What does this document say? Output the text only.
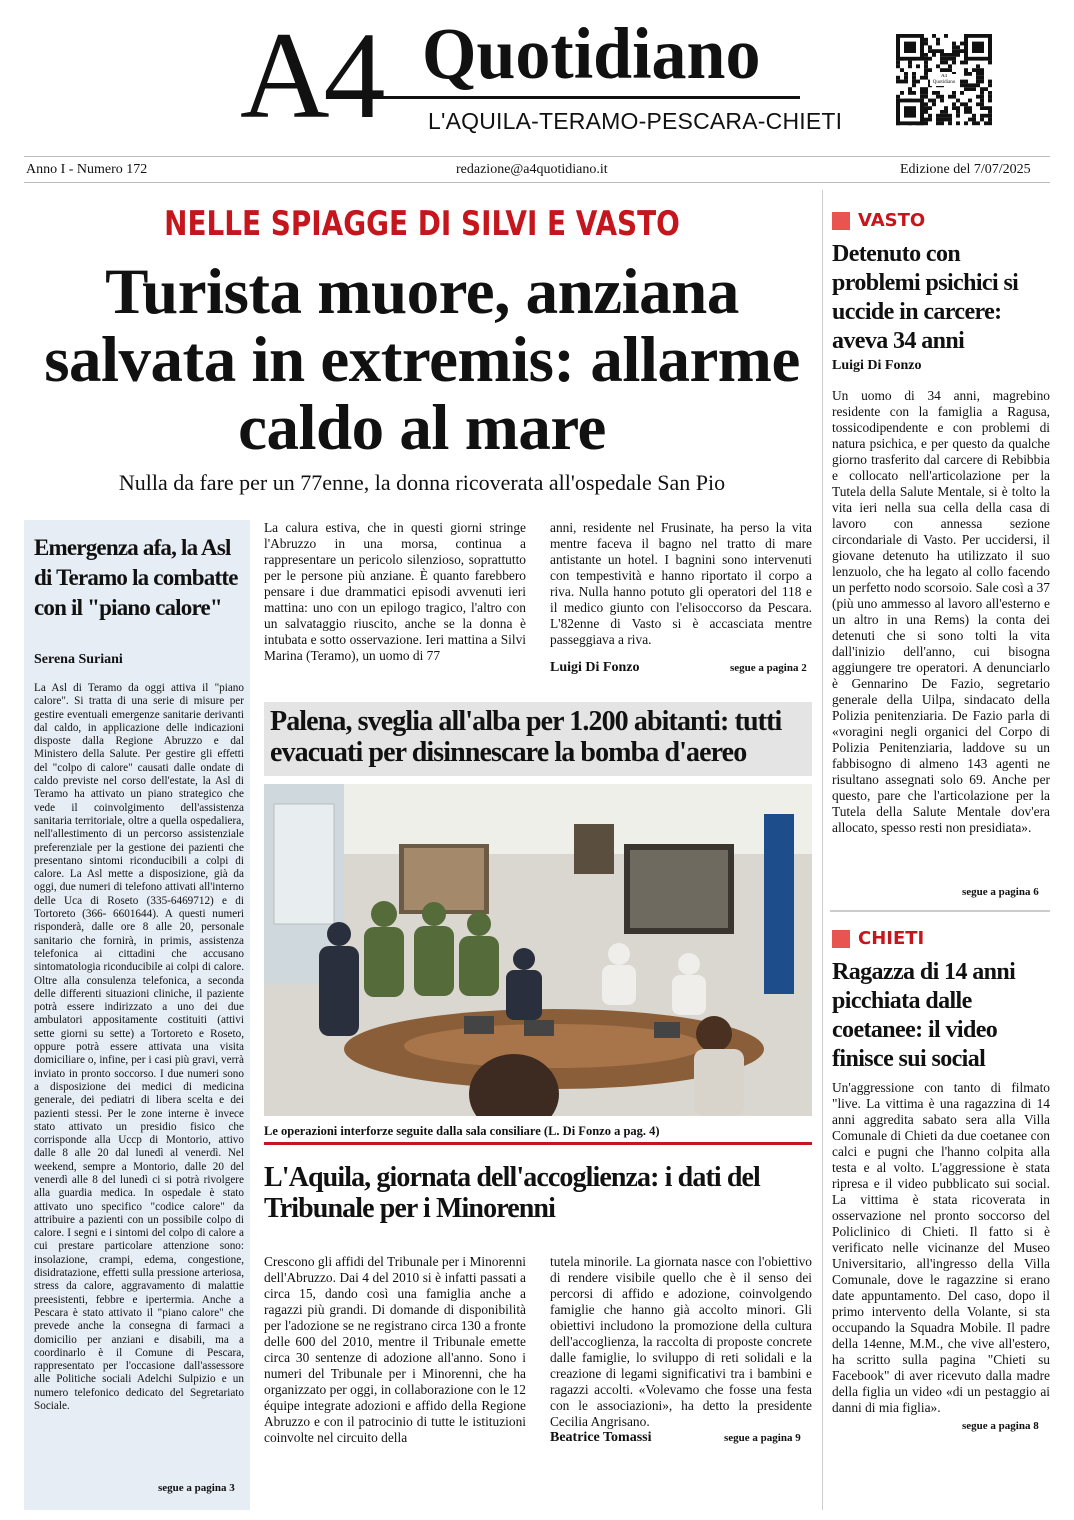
A4 Quotidiano
L'AQUILA-TERAMO-PESCARA-CHIETI
A4 Quotidiano
Anno I - Numero 172	redazione@a4quotidiano.it	Edizione del 7/07/2025
NELLE SPIAGGE DI SILVI E VASTO
Turista muore, anziana salvata in extremis: allarme caldo al mare
Nulla da fare per un 77enne, la donna ricoverata all'ospedale San Pio
La calura estiva, che in questi giorni stringe l'Abruzzo in una morsa, continua a rappresentare un pericolo silenzioso, soprattutto per le persone più anziane. È quanto farebbero pensare i due drammatici episodi avvenuti ieri mattina: uno con un epilogo tragico, l'altro con un salvataggio riuscito, anche se la donna è intubata e sotto osservazione. Ieri mattina a Silvi Marina (Teramo), un uomo di 77
anni, residente nel Frusinate, ha perso la vita mentre faceva il bagno nel tratto di mare antistante un hotel. I bagnini sono intervenuti con tempestività e hanno riportato il corpo a riva. Nulla hanno potuto gli operatori del 118 e il medico giunto con l'elisoccorso da Pescara. L'82enne di Vasto si è accasciata mentre passeggiava a riva.
Luigi Di Fonzo	segue a pagina 2
Emergenza afa, la Asl di Teramo la combatte con il "piano calore"
Serena Suriani
La Asl di Teramo da oggi attiva il "piano calore". Si tratta di una serie di misure per gestire eventuali emergenze sanitarie derivanti dal caldo, in applicazione delle indicazioni disposte dalla Regione Abruzzo e dal Ministero della Salute. Per gestire gli effetti del "colpo di calore" causati dalle ondate di caldo previste nel corso dell'estate, la Asl di Teramo ha attivato un piano strategico che vede il coinvolgimento dell'assistenza sanitaria territoriale, oltre a quella ospedaliera, nell'allestimento di un percorso assistenziale preferenziale per la gestione dei pazienti che presentano sintomi riconducibili a colpi di calore. La Asl mette a disposizione, già da oggi, due numeri di telefono attivati all'interno delle Uca di Roseto (335-6469712) e di Tortoreto (366- 6601644). A questi numeri risponderà, dalle ore 8 alle 20, personale sanitario che fornirà, in primis, assistenza telefonica ai cittadini che accusano sintomatologia riconducibile ai colpi di calore. Oltre alla consulenza telefonica, a seconda delle differenti situazioni cliniche, il paziente potrà essere indirizzato a uno dei due ambulatori appositamente costituiti (attivi sette giorni su sette) a Tortoreto e Roseto, oppure potrà essere attivata una visita domiciliare o, infine, per i casi più gravi, verrà inviato in pronto soccorso. I due numeri sono a disposizione dei medici di medicina generale, dei pediatri di libera scelta e dei pazienti stessi. Per le zone interne è invece stato attivato un presidio fisico che corrisponde alla Uccp di Montorio, attivo dalle 8 alle 20 dal lunedì al venerdì. Nel weekend, sempre a Montorio, dalle 20 del venerdì alle 8 del lunedì ci si potrà rivolgere alla guardia medica. In ospedale è stato attivato uno specifico "codice calore" da attribuire a pazienti con un possibile colpo di calore. I segni e i sintomi del colpo di calore a cui prestare particolare attenzione sono: insolazione, crampi, edema, congestione, disidratazione, effetti sulla pressione arteriosa, stress da calore, aggravamento di malattie preesistenti, febbre e ipertermia. Anche a Pescara è stato attivato il "piano calore" che prevede anche la consegna di farmaci a domicilio per anziani e disabili, ma a coordinarlo è il Comune di Pescara, rappresentato per l'occasione dall'assessore alle Politiche sociali Adelchi Sulpizio e un numero telefonico dedicato del Segretariato Sociale.
segue a pagina 3
Palena, sveglia all'alba per 1.200 abitanti: tutti evacuati per disinnescare la bomba d'aereo
Le operazioni interforze seguite dalla sala consiliare (L. Di Fonzo a pag. 4)
L'Aquila, giornata dell'accoglienza: i dati del Tribunale per i Minorenni
Crescono gli affidi del Tribunale per i Minorenni dell'Abruzzo. Dai 4 del 2010 si è infatti passati a circa 15, dando così una famiglia anche a ragazzi più grandi. Di domande di disponibilità per l'adozione se ne registrano circa 130 a fronte delle 600 del 2010, mentre il Tribunale emette circa 30 sentenze di adozione all'anno. Sono i numeri del Tribunale per i Minorenni, che ha organizzato per oggi, in collaborazione con le 12 équipe integrate adozioni e affido della Regione Abruzzo e con il patrocinio di tutte le istituzioni coinvolte nel circuito della
tutela minorile. La giornata nasce con l'obiettivo di rendere visibile quello che è il senso dei percorsi di affido e adozione, coinvolgendo famiglie che hanno già accolto minori. Gli obiettivi includono la promozione della cultura dell'accoglienza, la raccolta di proposte concrete dalle famiglie, lo sviluppo di reti solidali e la creazione di legami significativi tra i bambini e ragazzi accolti. «Volevamo che fosse una festa con le associazioni», ha detto la presidente Cecilia Angrisano.
Beatrice Tomassi	segue a pagina 9
VASTO
Detenuto con problemi psichici si uccide in carcere: aveva 34 anni
Luigi Di Fonzo
Un uomo di 34 anni, magrebino residente con la famiglia a Ragusa, tossicodipendente e con problemi di natura psichica, e per questo da qualche giorno trasferito dal carcere di Rebibbia e collocato nell'articolazione per la Tutela della Salute Mentale, si è tolto la vita ieri nella sua cella della casa di lavoro con annessa sezione circondariale di Vasto. Per uccidersi, il giovane detenuto ha utilizzato il suo lenzuolo, che ha legato al collo facendo un perfetto nodo scorsoio. Sale così a 37 (più uno ammesso al lavoro all'esterno e un altro in una Rems) la conta dei detenuti che si sono tolti la vita dall'inizio dell'anno, cui bisogna aggiungere tre operatori. A denunciarlo è Gennarino De Fazio, segretario generale della Uilpa, sindacato della Polizia penitenziaria. De Fazio parla di «voragini negli organici del Corpo di Polizia Penitenziaria, laddove su un fabbisogno di almeno 143 agenti ne risultano assegnati solo 69. Anche per questo, pare che l'articolazione per la Tutela della Salute Mentale dov'era allocato, spesso resti non presidiata».
segue a pagina 6
CHIETI
Ragazza di 14 anni picchiata dalle coetanee: il video finisce sui social
Un'aggressione con tanto di filmato "live. La vittima è una ragazzina di 14 anni aggredita sabato sera alla Villa Comunale di Chieti da due coetanee con calci e pugni che l'hanno colpita alla testa e al volto. L'aggressione è stata ripresa e il video pubblicato sui social. La vittima è stata ricoverata in osservazione nel pronto soccorso del Policlinico di Chieti. Il fatto si è verificato nelle vicinanze del Museo Universitario, all'ingresso della Villa Comunale, dove le ragazzine si erano date appuntamento. Del caso, dopo il primo intervento della Volante, si sta occupando la Squadra Mobile. Il padre della 14enne, M.M., che vive all'estero, ha scritto sulla pagina "Chieti su Facebook" di aver ricevuto dalla madre della figlia un video «di un pestaggio ai danni di mia figlia».
segue a pagina 8
